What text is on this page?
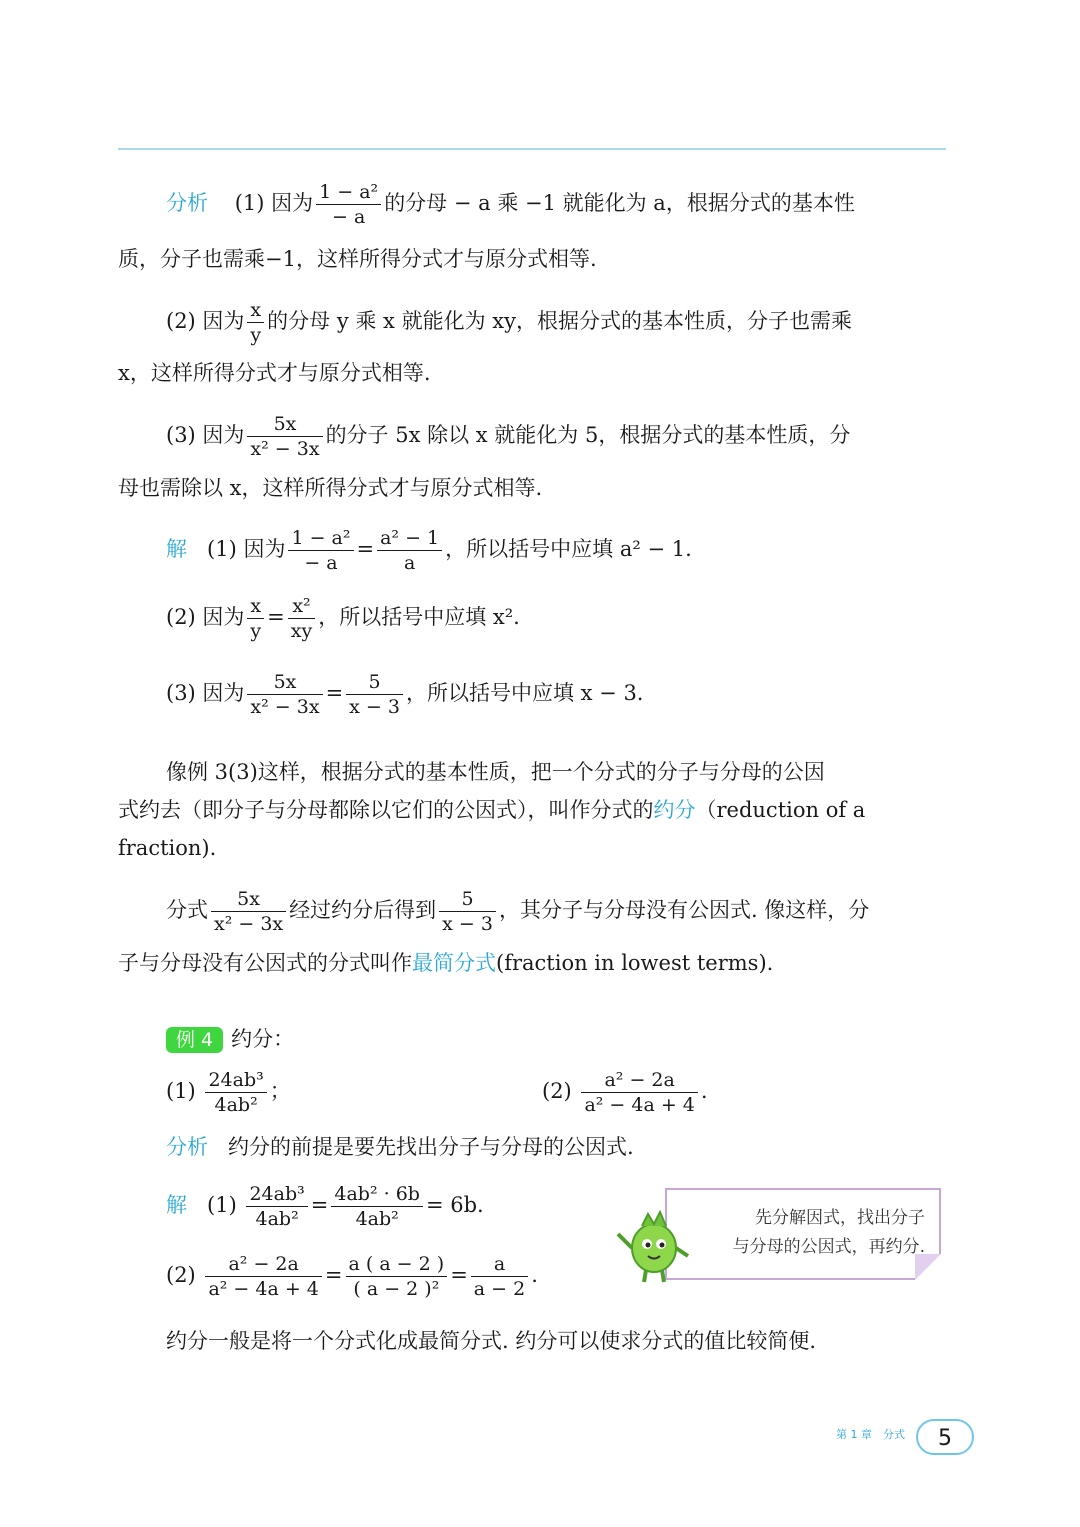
分析 (1) 因为 $\frac{\text{1 − a²}}{- a}$ 的分母 − a 乘 −1 就能化为 a，根据分式的基本性
质，分子也需乘−1，这样所得分式才与原分式相等.
(2) 因为 $\frac{x}{y}$ 的分母 y 乘 x 就能化为 xy，根据分式的基本性质，分子也需乘
x，这样所得分式才与原分式相等.
(3) 因为 $\frac{5x}{\text{x² − 3x}}$ 的分子 5x 除以 x 就能化为 5，根据分式的基本性质，分
母也需除以 x，这样所得分式才与原分式相等.
解 (1) 因为 $\frac{\text{1 − a²}}{- a} = \frac{\text{a² − 1}}{a}$ ，所以括号中应填 a² − 1.
(2) 因为 $\frac{x}{y} = \frac{\text{x²}}{xy}$ ，所以括号中应填 x².
(3) 因为 $\frac{5x}{\text{x² − 3x}} = \frac{5}{x - 3}$ ，所以括号中应填 x − 3.
像例 3(3)这样，根据分式的基本性质，把一个分式的分子与分母的公因
式约去（即分子与分母都除以它们的公因式），叫作分式的约分（reduction of a
fraction).
分式 $\frac{5x}{\text{x² − 3x}}$ 经过约分后得到 $\frac{5}{x - 3}$ ，其分子与分母没有公因式. 像这样，分
子与分母没有公因式的分式叫作最简分式(fraction in lowest terms).
例 4 约分：
$(1) \frac{\text{24ab³}}{\text{4ab²}}$ ；	$(2) \frac{\text{a² − 2a}}{\text{a² − 4a + 4}}$ .
分析 约分的前提是要先找出分子与分母的公因式.
解 $(1) \frac{\text{24ab³}}{\text{4ab²}} = \frac{\text{4ab² · 6b}}{\text{4ab²}} = 6b$.
$(2) \frac{\text{a² − 2a}}{\text{a² − 4a + 4}} = \frac{a ( a - 2 )}{\text{( a − 2 )²}} = \frac{a}{a - 2}$ .
先分解因式，找出分子
与分母的公因式，再约分.
约分一般是将一个分式化成最简分式. 约分可以使求分式的值比较简便.
第 1 章　分式	5
